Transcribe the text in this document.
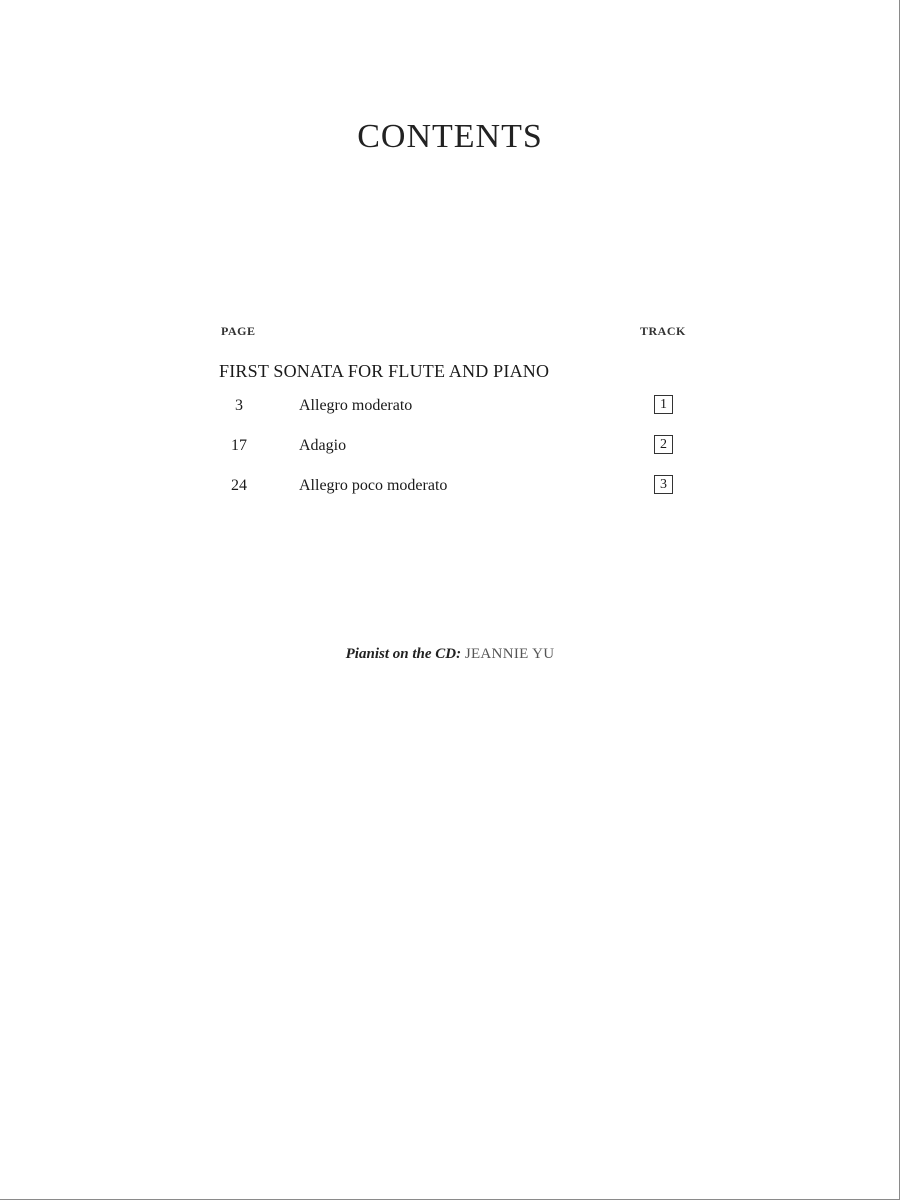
CONTENTS
PAGE	TRACK
FIRST SONATA FOR FLUTE AND PIANO
3	Allegro moderato	1
17	Adagio	2
24	Allegro poco moderato	3
Pianist on the CD: JEANNIE YU
